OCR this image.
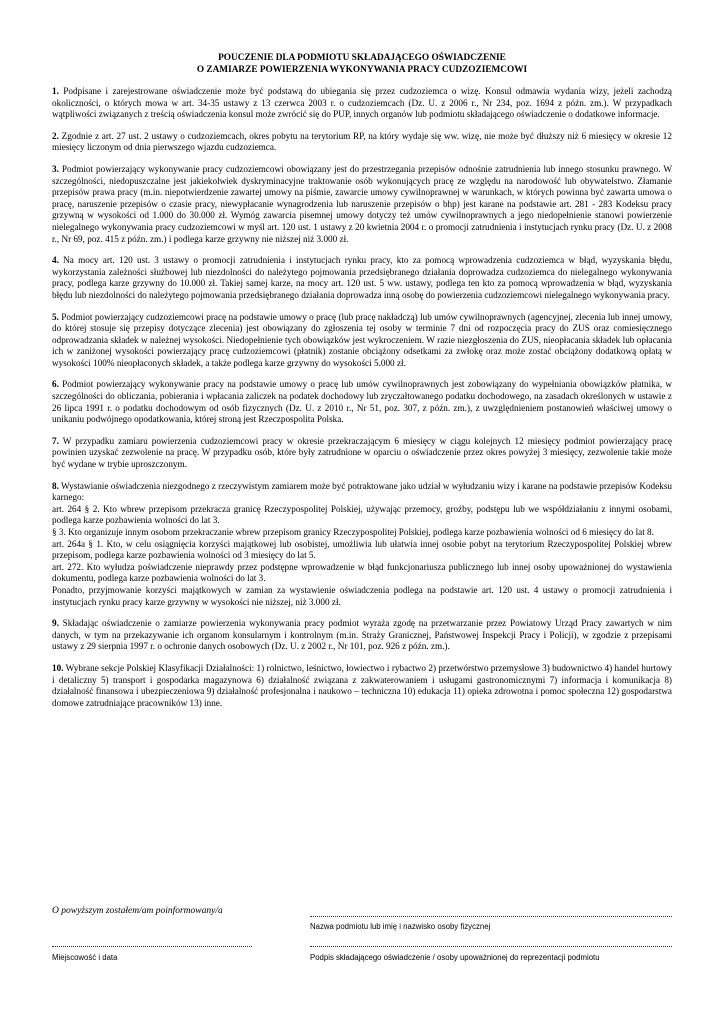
POUCZENIE DLA PODMIOTU SKŁADAJĄCEGO OŚWIADCZENIE
O ZAMIARZE POWIERZENIA WYKONYWANIA PRACY CUDZOZIEMCOWI

1. Podpisane i zarejestrowane oświadczenie może być podstawą do ubiegania się przez cudzoziemca o wizę. Konsul odmawia wydania wizy, jeżeli zachodzą okoliczności, o których mowa w art. 34-35 ustawy z 13 czerwca 2003 r. o cudzoziemcach (Dz. U. z 2006 r., Nr 234, poz. 1694 z późn. zm.). W przypadkach wątpliwości związanych z treścią oświadczenia konsul może zwrócić się do PUP, innych organów lub podmiotu składającego oświadczenie o dodatkowe informacje.

2. Zgodnie z art. 27 ust. 2 ustawy o cudzoziemcach, okres pobytu na terytorium RP, na który wydaje się ww. wizę, nie może być dłuższy niż 6 miesięcy w okresie 12 miesięcy liczonym od dnia pierwszego wjazdu cudzoziemca.

3. Podmiot powierzający wykonywanie pracy cudzoziemcowi obowiązany jest do przestrzegania przepisów odnośnie zatrudnienia lub innego stosunku prawnego. W szczególności, niedopuszczalne jest jakiekolwiek dyskryminacyjne traktowanie osób wykonujących pracę ze względu na narodowość lub obywatelstwo. Złamanie przepisów prawa pracy (m.in. niepotwierdzenie zawartej umowy na piśmie, zawarcie umowy cywilnoprawnej w warunkach, w których powinna być zawarta umowa o pracę, naruszenie przepisów o czasie pracy, niewypłacanie wynagrodzenia lub naruszenie przepisów o bhp) jest karane na podstawie art. 281 - 283 Kodeksu pracy grzywną w wysokości od 1.000 do 30.000 zł. Wymóg zawarcia pisemnej umowy dotyczy też umów cywilnoprawnych a jego niedopełnienie stanowi powierzenie nielegalnego wykonywania pracy cudzoziemcowi w myśl art. 120 ust. 1 ustawy z 20 kwietnia 2004 r. o promocji zatrudnienia i instytucjach rynku pracy (Dz. U. z 2008 r., Nr 69, poz. 415 z późn. zm.) i podlega karze grzywny nie niższej niż 3.000 zł.

4. Na mocy art. 120 ust. 3 ustawy o promocji zatrudnienia i instytucjach rynku pracy, kto za pomocą wprowadzenia cudzoziemca w błąd, wyzyskania błędu, wykorzystania zależności służbowej lub niezdolności do należytego pojmowania przedsiębranego działania doprowadza cudzoziemca do nielegalnego wykonywania pracy, podlega karze grzywny do 10.000 zł. Takiej samej karze, na mocy art. 120 ust. 5 ww. ustawy, podlega ten kto za pomocą wprowadzenia w błąd, wyzyskania błędu lub niezdolności do należytego pojmowania przedsiębranego działania doprowadza inną osobę do powierzenia cudzoziemcowi nielegalnego wykonywania pracy.

5. Podmiot powierzający cudzoziemcowi pracę na podstawie umowy o pracę (lub pracę nakładczą) lub umów cywilnoprawnych (agencyjnej, zlecenia lub innej umowy, do której stosuje się przepisy dotyczące zlecenia) jest obowiązany do zgłoszenia tej osoby w terminie 7 dni od rozpoczęcia pracy do ZUS oraz comiesięcznego odprowadzania składek w należnej wysokości. Niedopełnienie tych obowiązków jest wykroczeniem. W razie niezgłoszenia do ZUS, nieopłacania składek lub opłacania ich w zaniżonej wysokości powierzający pracę cudzoziemcowi (płatnik) zostanie obciążony odsetkami za zwłokę oraz może zostać obciążony dodatkową opłatą w wysokości 100% nieopłaconych składek, a także podlega karze grzywny do wysokości 5.000 zł.

6. Podmiot powierzający wykonywanie pracy na podstawie umowy o pracę lub umów cywilnoprawnych jest zobowiązany do wypełniania obowiązków płatnika, w szczególności do obliczania, pobierania i wpłacania zaliczek na podatek dochodowy lub zryczałtowanego podatku dochodowego, na zasadach określonych w ustawie z 26 lipca 1991 r. o podatku dochodowym od osób fizycznych (Dz. U. z 2010 r., Nr 51, poz. 307, z późn. zm.), z uwzględnieniem postanowień właściwej umowy o unikaniu podwójnego opodatkowania, której stroną jest Rzeczpospolita Polska.

7. W przypadku zamiaru powierzenia cudzoziemcowi pracy w okresie przekraczającym 6 miesięcy w ciągu kolejnych 12 miesięcy podmiot powierzający pracę powinien uzyskać zezwolenie na pracę. W przypadku osób, które były zatrudnione w oparciu o oświadczenie przez okres powyżej 3 miesięcy, zezwolenie takie może być wydane w trybie uproszczonym.

8. Wystawianie oświadczenia niezgodnego z rzeczywistym zamiarem może być potraktowane jako udział w wyłudzaniu wizy i karane na podstawie przepisów Kodeksu karnego:
art. 264 § 2. Kto wbrew przepisom przekracza granicę Rzeczypospolitej Polskiej, używając przemocy, groźby, podstępu lub we współdziałaniu z innymi osobami, podlega karze pozbawienia wolności do lat 3.
§ 3. Kto organizuje innym osobom przekraczanie wbrew przepisom granicy Rzeczypospolitej Polskiej, podlega karze pozbawienia wolności od 6 miesięcy do lat 8.
art. 264a § 1. Kto, w celu osiągnięcia korzyści majątkowej lub osobistej, umożliwia lub ułatwia innej osobie pobyt na terytorium Rzeczypospolitej Polskiej wbrew przepisom, podlega karze pozbawienia wolności od 3 miesięcy do lat 5.
art. 272. Kto wyłudza poświadczenie nieprawdy przez podstępne wprowadzenie w błąd funkcjonariusza publicznego lub innej osoby upoważnionej do wystawienia dokumentu, podlega karze pozbawienia wolności do lat 3.
Ponadto, przyjmowanie korzyści majątkowych w zamian za wystawienie oświadczenia podlega na podstawie art. 120 ust. 4 ustawy o promocji zatrudnienia i instytucjach rynku pracy karze grzywny w wysokości nie niższej, niż 3.000 zł.

9. Składając oświadczenie o zamiarze powierzenia wykonywania pracy podmiot wyraża zgodę na przetwarzanie przez Powiatowy Urząd Pracy zawartych w nim danych, w tym na przekazywanie ich organom konsularnym i kontrolnym (m.in. Straży Granicznej, Państwowej Inspekcji Pracy i Policji), w zgodzie z przepisami ustawy z 29 sierpnia 1997 r. o ochronie danych osobowych (Dz. U. z 2002 r., Nr 101, poz. 926 z późn. zm.).

10. Wybrane sekcje Polskiej Klasyfikacji Działalności: 1) rolnictwo, leśnictwo, łowiectwo i rybactwo 2) przetwórstwo przemysłowe 3) budownictwo 4) handel hurtowy i detaliczny 5) transport i gospodarka magazynowa 6) działalność związana z zakwaterowaniem i usługami gastronomicznymi 7) informacja i komunikacja 8) działalność finansowa i ubezpieczeniowa 9) działalność profesjonalna i naukowo – techniczna 10) edukacja 11) opieka zdrowotna i pomoc społeczna 12) gospodarstwa domowe zatrudniające pracowników 13) inne.

O powyższym zostałem/am poinformowany/a
Nazwa podmiotu lub imię i nazwisko osoby fizycznej
Miejscowość i data	Podpis składającego oświadczenie / osoby upoważnionej do reprezentacji podmiotu
